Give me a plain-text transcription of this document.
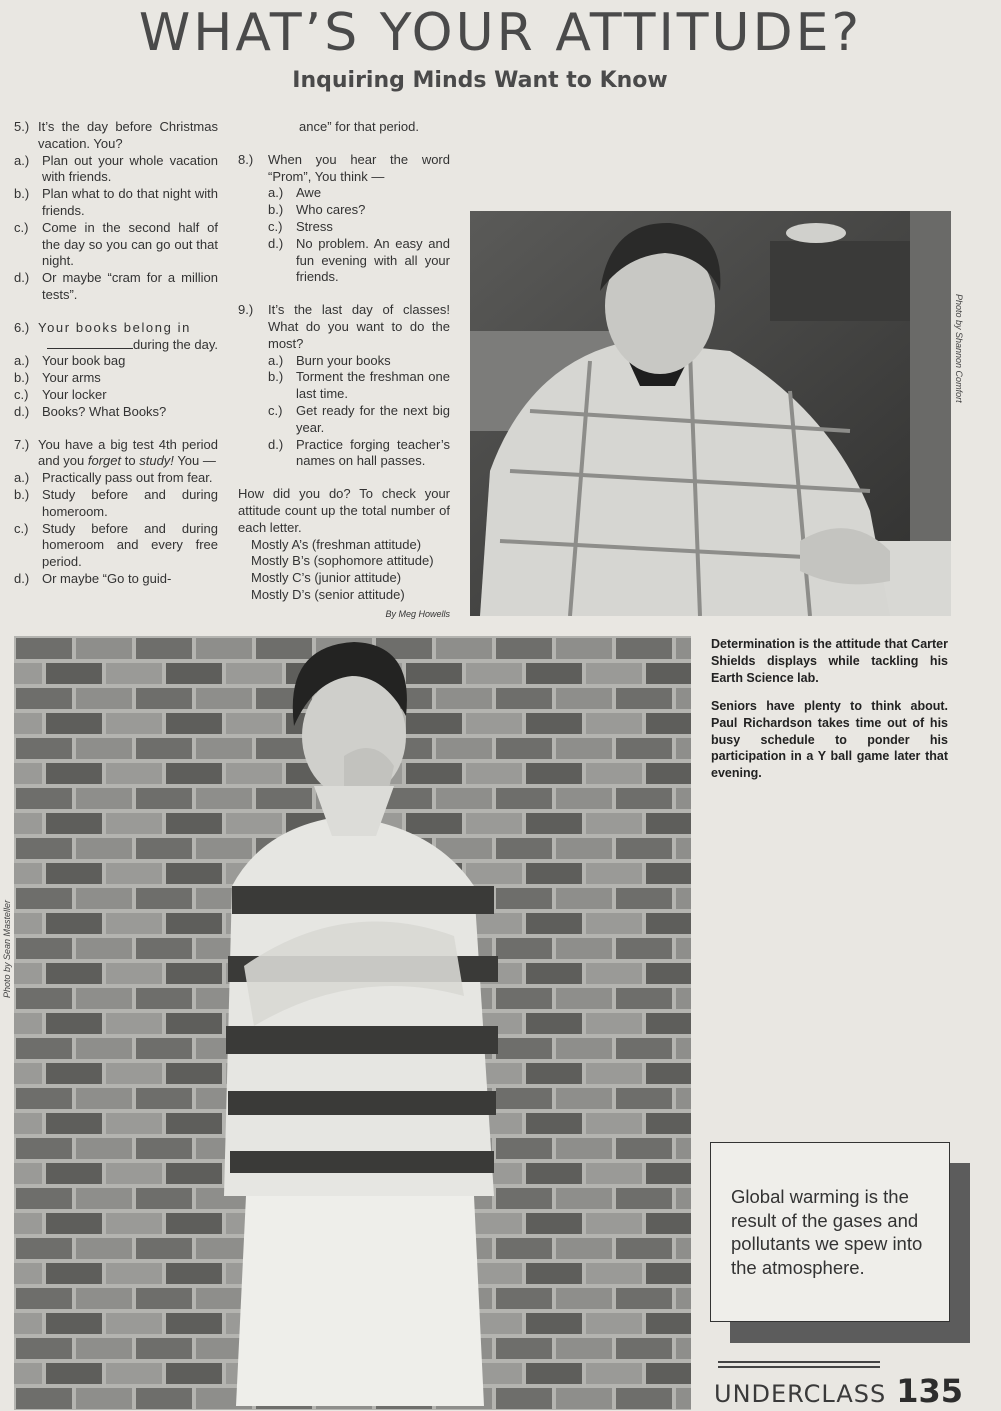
WHAT’S YOUR ATTITUDE?
Inquiring Minds Want to Know
5.) It’s the day before Christmas vacation. You?
a.) Plan out your whole vacation with friends.
b.) Plan what to do that night with friends.
c.)	Come in the second half of the day so you can go out that night.
d.) Or maybe “cram for a million tests”.
6.) Your books belong in
during the day.
a.) Your book bag
b.) Your arms
c.)	Your locker
d.) Books? What Books?
7.) You have a big test 4th period and you forget to study! You —
a.) Practically pass out from fear.
b.) Study before and during homeroom.
c.)	Study before and during homeroom and every free period.
d.) Or maybe “Go to guid-
ance” for that period.
8.)	When you hear the word “Prom”, You think —
a.) Awe
b.) Who cares?
c.)	Stress
d.) No problem. An easy and fun evening with all your friends.
9.)	It’s the last day of classes! What do you want to do the most?
a.) Burn your books
b.) Torment the freshman one last time.
c.)	Get ready for the next big year.
d.) Practice forging teacher’s names on hall passes.
How did you do? To check your attitude count up the total number of each letter.
Mostly A’s (freshman attitude)
Mostly B’s (sophomore attitude)
Mostly C’s (junior attitude)
Mostly D’s (senior attitude)
By Meg Howells
Photo by Shannon Comfort
Photo by Sean Masteller

Determination is the attitude that Carter Shields displays while tackling his Earth Science lab.

Seniors have plenty to think about. Paul Richardson takes time out of his busy schedule to ponder his participation in a Y ball game later that evening.

Global warming is the result of the gases and pollutants we spew into the atmosphere.
UNDERCLASS 135
